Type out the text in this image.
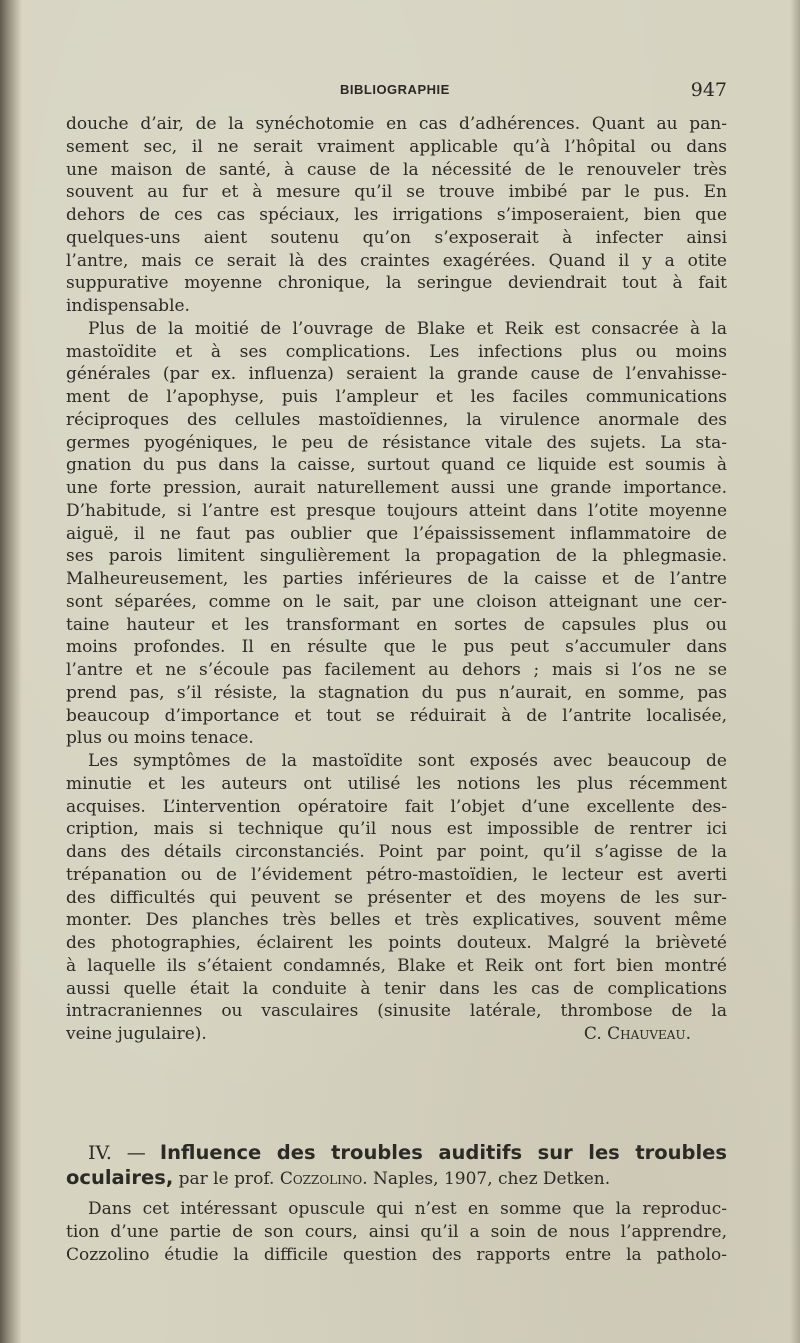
BIBLIOGRAPHIE	947

douche d’air, de la synéchotomie en cas d’adhérences. Quant au pan-

sement sec, il ne serait vraiment applicable qu’à l’hôpital ou dans

une maison de santé, à cause de la nécessité de le renouveler très

souvent au fur et à mesure qu’il se trouve imbibé par le pus. En

dehors de ces cas spéciaux, les irrigations s’imposeraient, bien que

quelques-uns aient soutenu qu’on s’exposerait à infecter ainsi

l’antre, mais ce serait là des craintes exagérées. Quand il y a otite

suppurative moyenne chronique, la seringue deviendrait tout à fait

indispensable.

Plus de la moitié de l’ouvrage de Blake et Reik est consacrée à la

mastoïdite et à ses complications. Les infections plus ou moins

générales (par ex. influenza) seraient la grande cause de l’envahisse-

ment de l’apophyse, puis l’ampleur et les faciles communications

réciproques des cellules mastoïdiennes, la virulence anormale des

germes pyogéniques, le peu de résistance vitale des sujets. La sta-

gnation du pus dans la caisse, surtout quand ce liquide est soumis à

une forte pression, aurait naturellement aussi une grande importance.

D’habitude, si l’antre est presque toujours atteint dans l’otite moyenne

aiguë, il ne faut pas oublier que l’épaississement inflammatoire de

ses parois limitent singulièrement la propagation de la phlegmasie.

Malheureusement, les parties inférieures de la caisse et de l’antre

sont séparées, comme on le sait, par une cloison atteignant une cer-

taine hauteur et les transformant en sortes de capsules plus ou

moins profondes. Il en résulte que le pus peut s’accumuler dans

l’antre et ne s’écoule pas facilement au dehors ; mais si l’os ne se

prend pas, s’il résiste, la stagnation du pus n’aurait, en somme, pas

beaucoup d’importance et tout se réduirait à de l’antrite localisée,

plus ou moins tenace.

Les symptômes de la mastoïdite sont exposés avec beaucoup de

minutie et les auteurs ont utilisé les notions les plus récemment

acquises. L’intervention opératoire fait l’objet d’une excellente des-

cription, mais si technique qu’il nous est impossible de rentrer ici

dans des détails circonstanciés. Point par point, qu’il s’agisse de la

trépanation ou de l’évidement pétro-mastoïdien, le lecteur est averti

des difficultés qui peuvent se présenter et des moyens de les sur-

monter. Des planches très belles et très explicatives, souvent même

des photographies, éclairent les points douteux. Malgré la brièveté

à laquelle ils s’étaient condamnés, Blake et Reik ont fort bien montré

aussi quelle était la conduite à tenir dans les cas de complications

intracraniennes ou vasculaires (sinusite latérale, thrombose de la

veine jugulaire).	C. Chauveau.

IV. — Influence des troubles auditifs sur les troubles

oculaires, par le prof. Cozzolino. Naples, 1907, chez Detken.

Dans cet intéressant opuscule qui n’est en somme que la reproduc-

tion d’une partie de son cours, ainsi qu’il a soin de nous l’apprendre,

Cozzolino étudie la difficile question des rapports entre la patholo-
